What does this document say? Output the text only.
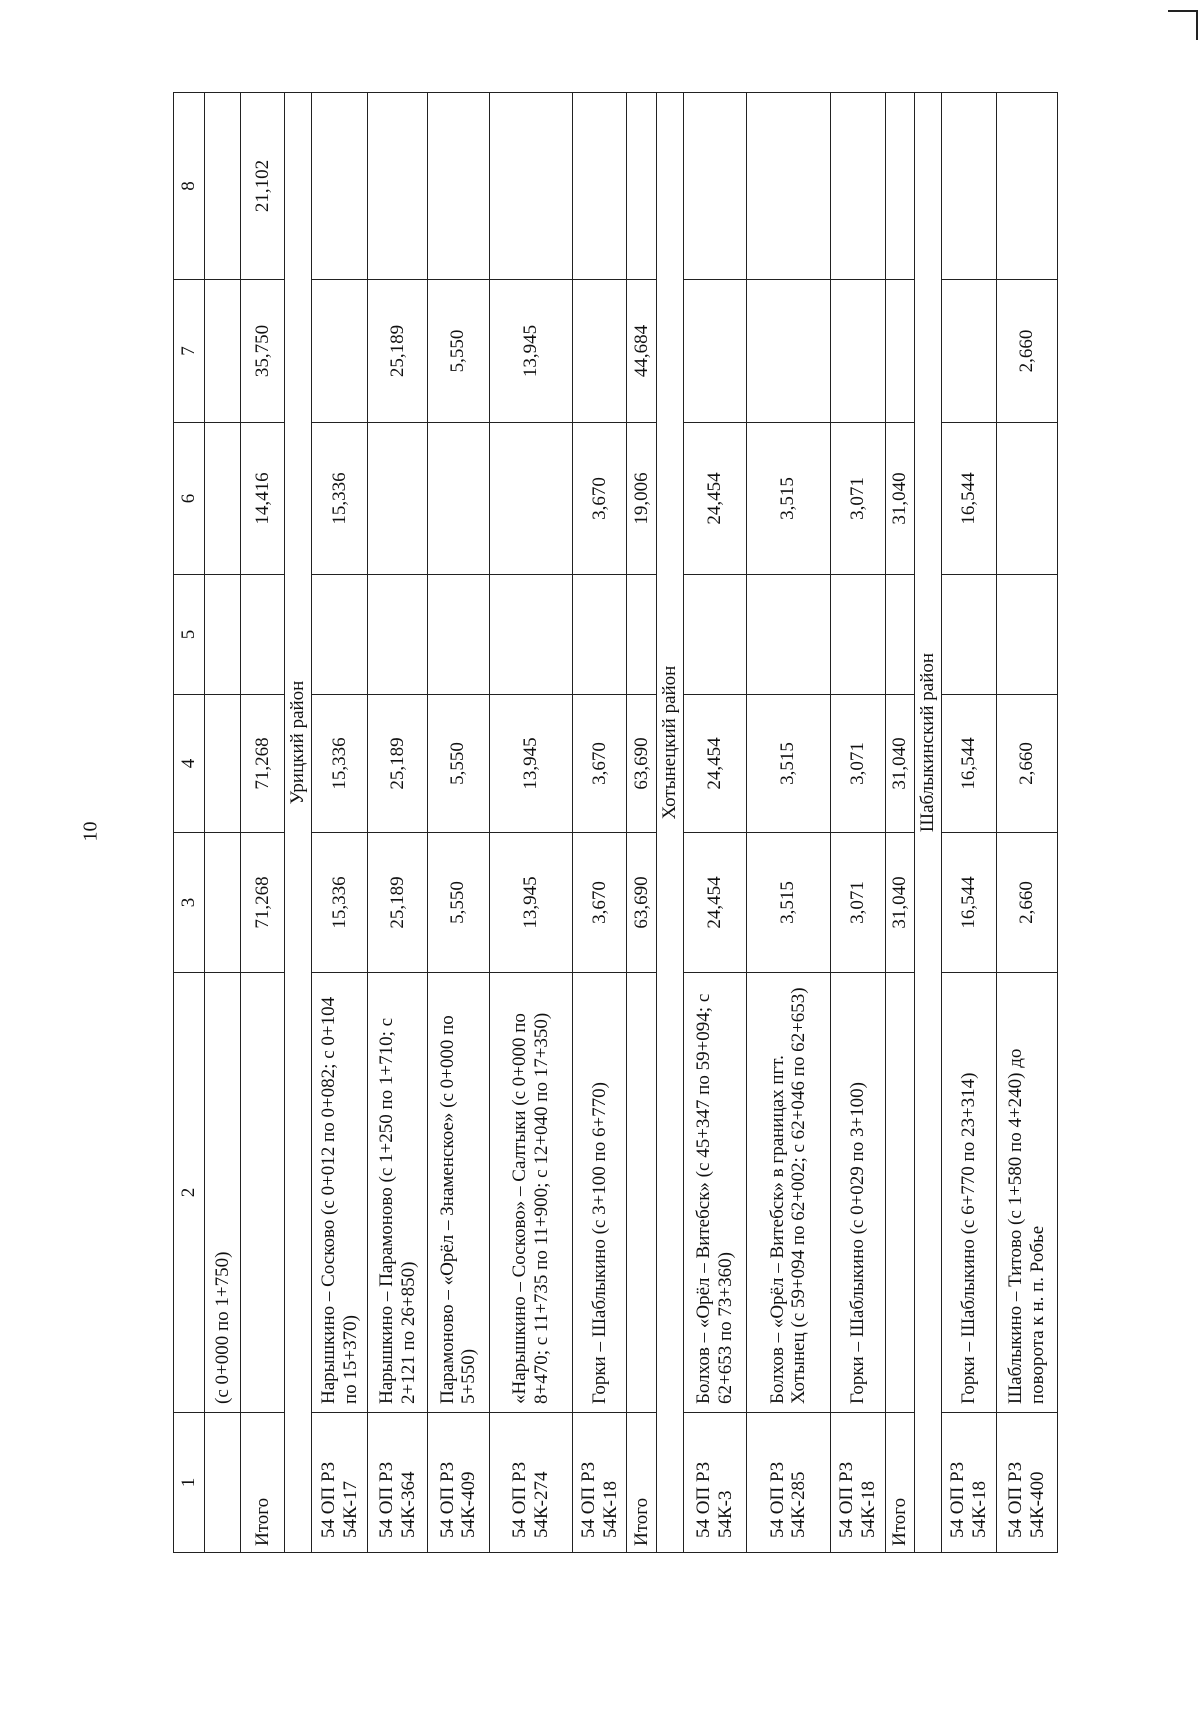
10
1	2	3	4	5	6	7	8
	(с 0+000 по 1+750)						
Итого		71,268	71,268		14,416	35,750	21,102
Урицкий район							
54 ОП РЗ 54К-17	Нарышкино – Сосково (с 0+012 по 0+082; с 0+104 по 15+370)	15,336	15,336		15,336		
54 ОП РЗ 54К-364	Нарышкино – Парамоново (с 1+250 по 1+710; с 2+121 по 26+850)	25,189	25,189			25,189	
54 ОП РЗ 54К-409	Парамоново – «Орёл – Знаменское» (с 0+000 по 5+550)	5,550	5,550			5,550	
54 ОП РЗ 54К-274	«Нарышкино – Сосково» – Салтыки (с 0+000 по 8+470; с 11+735 по 11+900; с 12+040 по 17+350)	13,945	13,945			13,945	
54 ОП РЗ 54К-18	Горки – Шаблыкино (с 3+100 по 6+770)	3,670	3,670		3,670		
Итого		63,690	63,690		19,006	44,684	
Хотынецкий район							
54 ОП РЗ 54К-3	Болхов – «Орёл – Витебск» (с 45+347 по 59+094; с 62+653 по 73+360)	24,454	24,454		24,454		
54 ОП РЗ 54К-285	Болхов – «Орёл – Витебск» в границах пгт. Хотынец (с 59+094 по 62+002; с 62+046 по 62+653)	3,515	3,515		3,515		
54 ОП РЗ 54К-18	Горки – Шаблыкино (с 0+029 по 3+100)	3,071	3,071		3,071		
Итого		31,040	31,040		31,040		
Шаблыкинский район							
54 ОП РЗ 54К-18	Горки – Шаблыкино (с 6+770 по 23+314)	16,544	16,544		16,544		
54 ОП РЗ 54К-400	Шаблыкино – Титово (с 1+580 по 4+240) до поворота к н. п. Робье	2,660	2,660			2,660	
